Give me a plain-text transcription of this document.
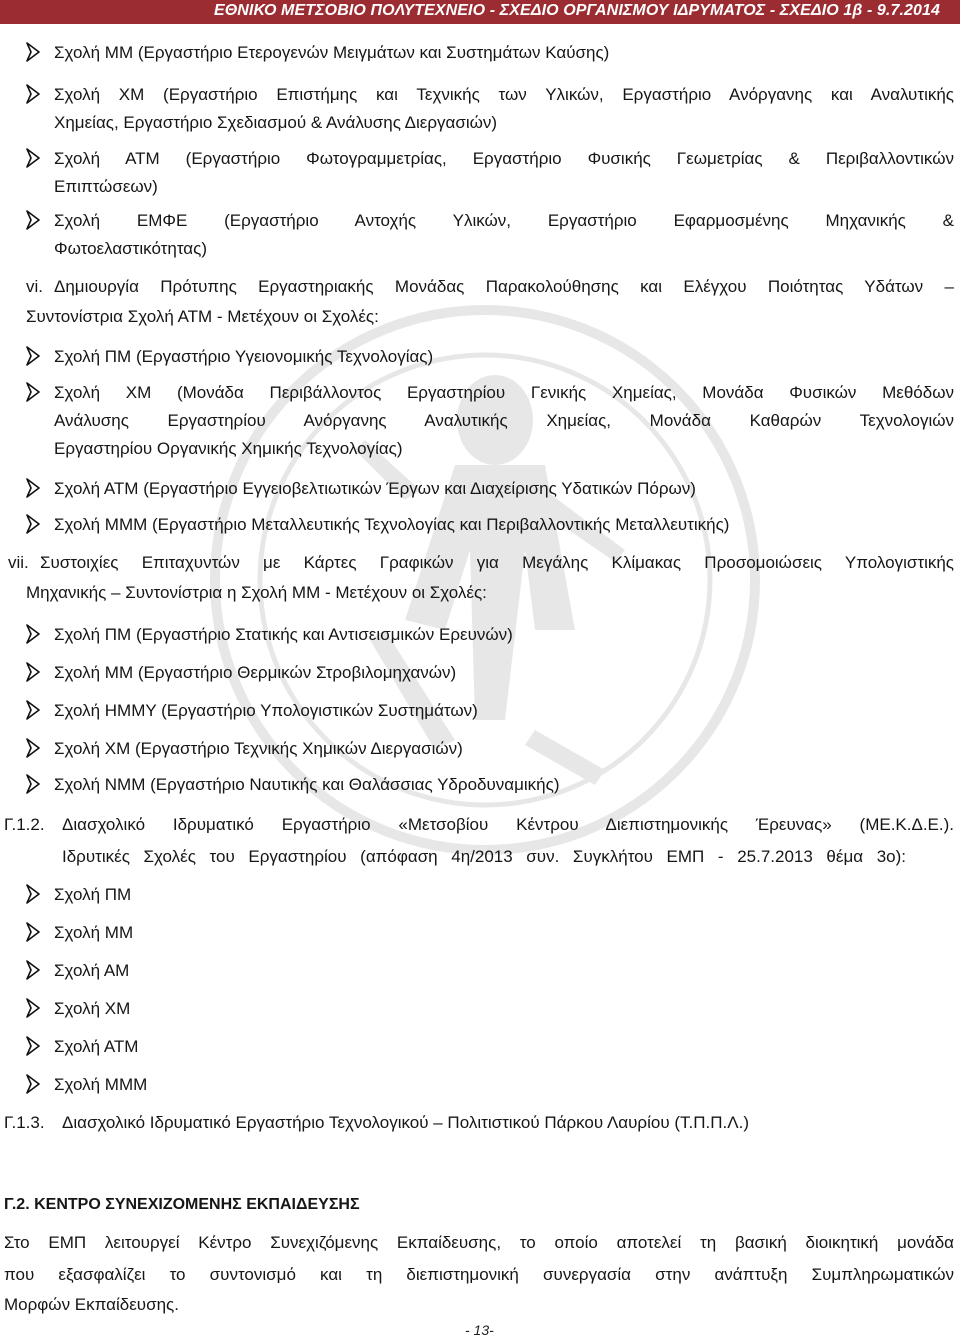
ΕΘΝΙΚΟ ΜΕΤΣΟΒΙΟ ΠΟΛΥΤΕΧΝΕΙΟ - ΣΧΕΔΙΟ ΟΡΓΑΝΙΣΜΟΥ ΙΔΡΥΜΑΤΟΣ - ΣΧΕΔΙΟ 1β - 9.7.2014
Σχολή ΜΜ (Εργαστήριο Ετερογενών Μειγμάτων και Συστημάτων Καύσης)
Σχολή ΧΜ (Εργαστήριο Επιστήμης και Τεχνικής των Υλικών, Εργαστήριο Ανόργανης και Αναλυτικής
Χημείας, Εργαστήριο Σχεδιασμού & Ανάλυσης Διεργασιών)
Σχολή ΑΤΜ (Εργαστήριο Φωτογραμμετρίας, Εργαστήριο Φυσικής Γεωμετρίας & Περιβαλλοντικών
Επιπτώσεων)
Σχολή ΕΜΦΕ (Εργαστήριο Αντοχής Υλικών, Εργαστήριο Εφαρμοσμένης Μηχανικής &
Φωτοελαστικότητας)
vi. Δημιουργία Πρότυπης Εργαστηριακής Μονάδας Παρακολούθησης και Ελέγχου Ποιότητας Υδάτων –
Συντονίστρια Σχολή ΑΤΜ - Μετέχουν οι Σχολές:
Σχολή ΠΜ (Εργαστήριο Υγειονομικής Τεχνολογίας)
Σχολή ΧΜ (Μονάδα Περιβάλλοντος Εργαστηρίου Γενικής Χημείας, Μονάδα Φυσικών Μεθόδων
Ανάλυσης Εργαστηρίου Ανόργανης Αναλυτικής Χημείας, Μονάδα Καθαρών Τεχνολογιών
Εργαστηρίου Οργανικής Χημικής Τεχνολογίας)
Σχολή ΑΤΜ (Εργαστήριο Εγγειοβελτιωτικών Έργων και Διαχείρισης Υδατικών Πόρων)
Σχολή ΜΜΜ (Εργαστήριο Μεταλλευτικής Τεχνολογίας και Περιβαλλοντικής Μεταλλευτικής)
vii. Συστοιχίες Επιταχυντών με Κάρτες Γραφικών για Μεγάλης Κλίμακας Προσομοιώσεις Υπολογιστικής
Μηχανικής – Συντονίστρια η Σχολή ΜΜ - Μετέχουν οι Σχολές:
Σχολή ΠΜ (Εργαστήριο Στατικής και Αντισεισμικών Ερευνών)
Σχολή ΜΜ (Εργαστήριο Θερμικών Στροβιλομηχανών)
Σχολή ΗΜΜΥ (Εργαστήριο Υπολογιστικών Συστημάτων)
Σχολή ΧΜ (Εργαστήριο Τεχνικής Χημικών Διεργασιών)
Σχολή ΝΜΜ (Εργαστήριο Ναυτικής και Θαλάσσιας Υδροδυναμικής)
Γ.1.2. Διασχολικό Ιδρυματικό Εργαστήριο «Μετσοβίου Κέντρου Διεπιστημονικής Έρευνας» (ΜΕ.Κ.Δ.Ε.).
Ιδρυτικές Σχολές του Εργαστηρίου (απόφαση 4η/2013 συν. Συγκλήτου ΕΜΠ - 25.7.2013 θέμα 3ο):
Σχολή ΠΜ
Σχολή ΜΜ
Σχολή ΑΜ
Σχολή ΧΜ
Σχολή ΑΤΜ
Σχολή ΜΜΜ
Γ.1.3. Διασχολικό Ιδρυματικό Εργαστήριο Τεχνολογικού – Πολιτιστικού Πάρκου Λαυρίου (Τ.Π.Π.Λ.)
Γ.2. ΚΕΝΤΡΟ ΣΥΝΕΧΙΖΟΜΕΝΗΣ ΕΚΠΑΙΔΕΥΣΗΣ
Στο ΕΜΠ λειτουργεί Κέντρο Συνεχιζόμενης Εκπαίδευσης, το οποίο αποτελεί τη βασική διοικητική μονάδα
που εξασφαλίζει το συντονισμό και τη διεπιστημονική συνεργασία στην ανάπτυξη Συμπληρωματικών
Μορφών Εκπαίδευσης.
- 13-
